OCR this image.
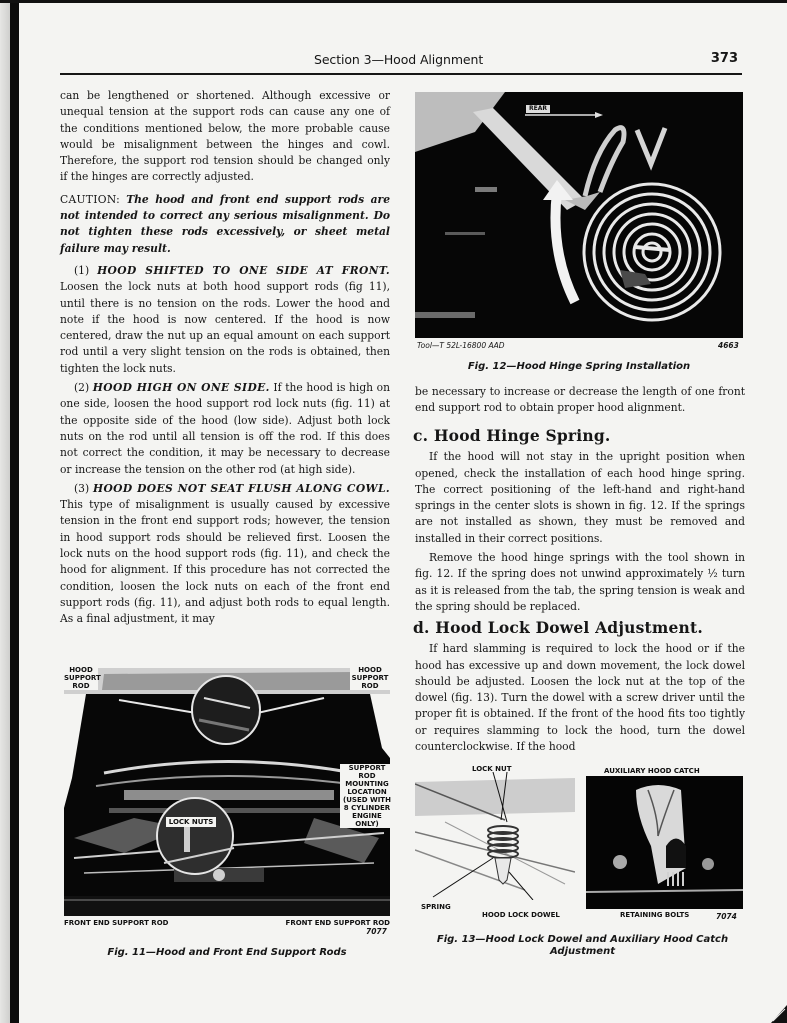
Section 3—Hood Alignment	373

can be lengthened or shortened. Although excessive or unequal tension at the support rods can cause any one of the conditions mentioned below, the more probable cause would be misalignment between the hinges and cowl. Therefore, the support rod tension should be changed only if the hinges are correctly adjusted.

CAUTION: The hood and front end support rods are not intended to correct any serious misalignment. Do not tighten these rods excessively, or sheet metal failure may result.

(1) HOOD SHIFTED TO ONE SIDE AT FRONT. Loosen the lock nuts at both hood support rods (fig 11), until there is no tension on the rods. Lower the hood and note if the hood is now centered. If the hood is now centered, draw the nut up an equal amount on each support rod until a very slight tension on the rods is obtained, then tighten the lock nuts.

(2) HOOD HIGH ON ONE SIDE. If the hood is high on one side, loosen the hood support rod lock nuts (fig. 11) at the opposite side of the hood (low side). Adjust both lock nuts on the rod until all tension is off the rod. If this does not correct the condition, it may be necessary to decrease or increase the tension on the other rod (at high side).

(3) HOOD DOES NOT SEAT FLUSH ALONG COWL. This type of misalignment is usually caused by excessive tension in the front end support rods; however, the tension in hood support rods should be relieved first. Loosen the lock nuts on the hood support rods (fig. 11), and check the hood for alignment. If this procedure has not corrected the condition, loosen the lock nuts on each of the front end support rods (fig. 11), and adjust both rods to equal length. As a final adjustment, it may

HOOD SUPPORT ROD
HOOD SUPPORT ROD
SUPPORT ROD MOUNTING LOCATION (USED WITH 8 CYLINDER ENGINE ONLY)
LOCK NUTS
FRONT END SUPPORT ROD	FRONT END SUPPORT ROD
7077
Fig. 11—Hood and Front End Support Rods
REAR
Tool—T 52L-16800 AAD	4663
Fig. 12—Hood Hinge Spring Installation

be necessary to increase or decrease the length of one front end support rod to obtain proper hood alignment.

c. Hood Hinge Spring.

If the hood will not stay in the upright position when opened, check the installation of each hood hinge spring. The correct positioning of the left-hand and right-hand springs in the center slots is shown in fig. 12. If the springs are not installed as shown, they must be removed and installed in their correct positions.

Remove the hood hinge springs with the tool shown in fig. 12. If the spring does not unwind approximately ½ turn as it is released from the tab, the spring tension is weak and the spring should be replaced.

d. Hood Lock Dowel Adjustment.

If hard slamming is required to lock the hood or if the hood has excessive up and down movement, the lock dowel should be adjusted. Loosen the lock nut at the top of the dowel (fig. 13). Turn the dowel with a screw driver until the proper fit is obtained. If the front of the hood fits too tightly or requires slamming to lock the hood, turn the dowel counterclockwise. If the hood

LOCK NUT
SPRING
HOOD LOCK DOWEL
AUXILIARY HOOD CATCH
RETAINING BOLTS	7074
Fig. 13—Hood Lock Dowel and Auxiliary Hood Catch
Adjustment
